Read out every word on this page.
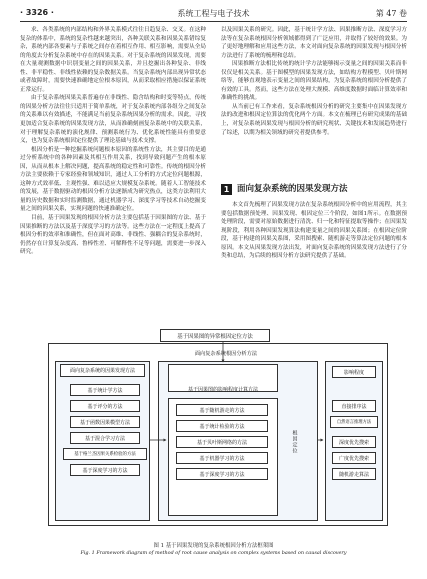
· 3326 ·	系统工程与电子技术	第 47 卷

求、各类系统的内部结构和外界关系模式往往日趋复杂、交叉。在这种复杂的体系中，系统的复杂性越来越突出，各种关联关系和因果关系错综复杂，系统内部各要素与子系统之间存在着相互作用、相互影响，需要从全局的角度去分析复杂系统中存在的因果关系。对于复杂系统的因果发现，需要在大量观测数据中识别变量之间的因果关系，并且挖掘出各种复杂、非线性、非平稳性、非线性依赖的复杂数据关系。当复杂系统内部出现异常状态或者故障时，需要快速准确地定位根本原因，从而采取相应措施以保证系统正常运行。

由于复杂系统因果关系普遍存在非线性、隐含结构和时变等特点，传统的因果分析方法往往只适用于简单系统，对于复杂系统内部各组分之间复杂的关系难以有效描述，不能满足当前复杂系统因果分析的需求。因此，寻找更加适合复杂系统的因果发现方法，从而准确刻画复杂系统中的关联关系，对于理解复杂系统的演化规律、预测系统行为、优化系统性能具有重要意义，也为复杂系统根因定位提供了理论基础与技术支撑。

根因分析是一种挖掘系统问题根本原因的系统性方法，其主要目的是通过分析系统中的各种因素及其相互作用关系，找到导致问题产生的根本原因，从而从根本上解决问题，提高系统的稳定性和可靠性。传统的根因分析方法主要依赖于专家经验和领域知识，通过人工分析的方式定位问题根源，这种方式效率低、主观性强、难以适应大规模复杂系统。随着人工智能技术的发展，基于数据驱动的根因分析方法逐渐成为研究热点，这类方法利用大量的历史数据和实时监测数据，通过机器学习、深度学习等技术自动挖掘变量之间的因果关系，实现问题的快速准确定位。

目前，基于因果发现的根因分析方法主要包括基于因果图的方法、基于因果推断的方法以及基于深度学习的方法等。这些方法在一定程度上提高了根因分析的效率和准确性，但在面对高维、非线性、强耦合的复杂系统时，仍然存在计算复杂度高、鲁棒性差、可解释性不足等问题，需要进一步深入研究。

以及因果关系的研究。因此，基于统计学方法、因果推断方法、深度学习方法等在复杂系统根因分析领域都得到了广泛应用，并取得了较好的效果。为了更好地理解和应用这些方法，本文对面向复杂系统的因果发现与根因分析方法进行了系统的梳理和总结。

因果推断方法相比传统的统计学方法能够揭示变量之间的因果关系而非仅仅是相关关系。基于图模型的因果发现方法，如结构方程模型、贝叶斯网络等，能够直观地表示变量之间的因果结构，为复杂系统的根因分析提供了有效的工具。然而，这些方法在处理大规模、高维度数据时面临计算效率和准确性的挑战。

从当前已有工作来看，复杂系统根因分析的研究主要集中在因果发现方法的改进和根因定位算法的优化两个方面。本文在梳理已有研究成果的基础上，对复杂系统因果发现与根因分析的研究现状、关键技术和发展趋势进行了综述，以期为相关领域的研究者提供参考。

1 面向复杂系统的因果发现方法

本文首先梳理了因果发现方法在复杂系统根因分析中的应用流程，其主要包括数据预处理、因果发现、根因定位三个阶段，如图1所示。在数据预处理阶段，需要对原始数据进行清洗、归一化和特征提取等操作；在因果发现阶段，利用各种因果发现算法构建变量之间的因果关系图；在根因定位阶段，基于构建的因果关系图，采用图搜索、随机游走等算法定位问题的根本原因。本文从因果发现方法出发，对面向复杂系统的因果发现方法进行了分类和总结，为后续的根因分析方法研究提供了基础。

基于因果图的异常根因定位方法
面向复杂系统根因分析方法
面向复杂系统的因果发现方法
基于统计学方法
基于评分的方法
基于函数因果模型方法
基于混合学习方法
基于格兰杰因果关系检验的方法
基于深度学习的方法
基于因果图的影响程度计算方法
基于随机游走的方法
基于统计检验的方法
基于贝叶斯网络的方法
基于机器学习的方法
基于深度学习的方法
根因定位
影响程度
直接排序法
自然语言推理方法
深度优先搜索
广度优先搜索
随机游走算法
图 1 基于因果发现的复杂系统根因分析方法框架图
Fig. 1 Framework diagram of method of root cause analysis on complex systems based on causal discovery
